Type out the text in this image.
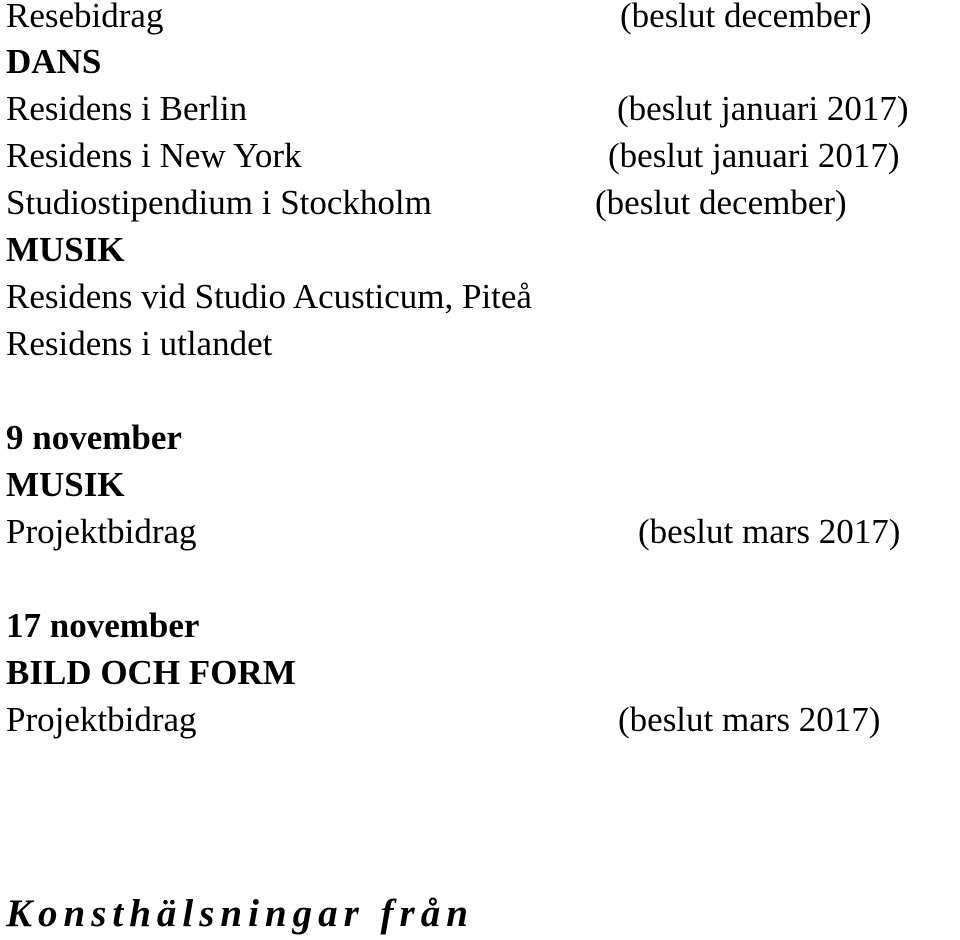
Resebidrag	(beslut december)
DANS
Residens i Berlin	(beslut januari 2017)
Residens i New York	(beslut januari 2017)
Studiostipendium i Stockholm	(beslut december)
MUSIK
Residens vid Studio Acusticum, Piteå
Residens i utlandet
9 november
MUSIK
Projektbidrag	(beslut mars 2017)
17 november
BILD OCH FORM
Projektbidrag	(beslut mars 2017)
Konsthälsningar från
